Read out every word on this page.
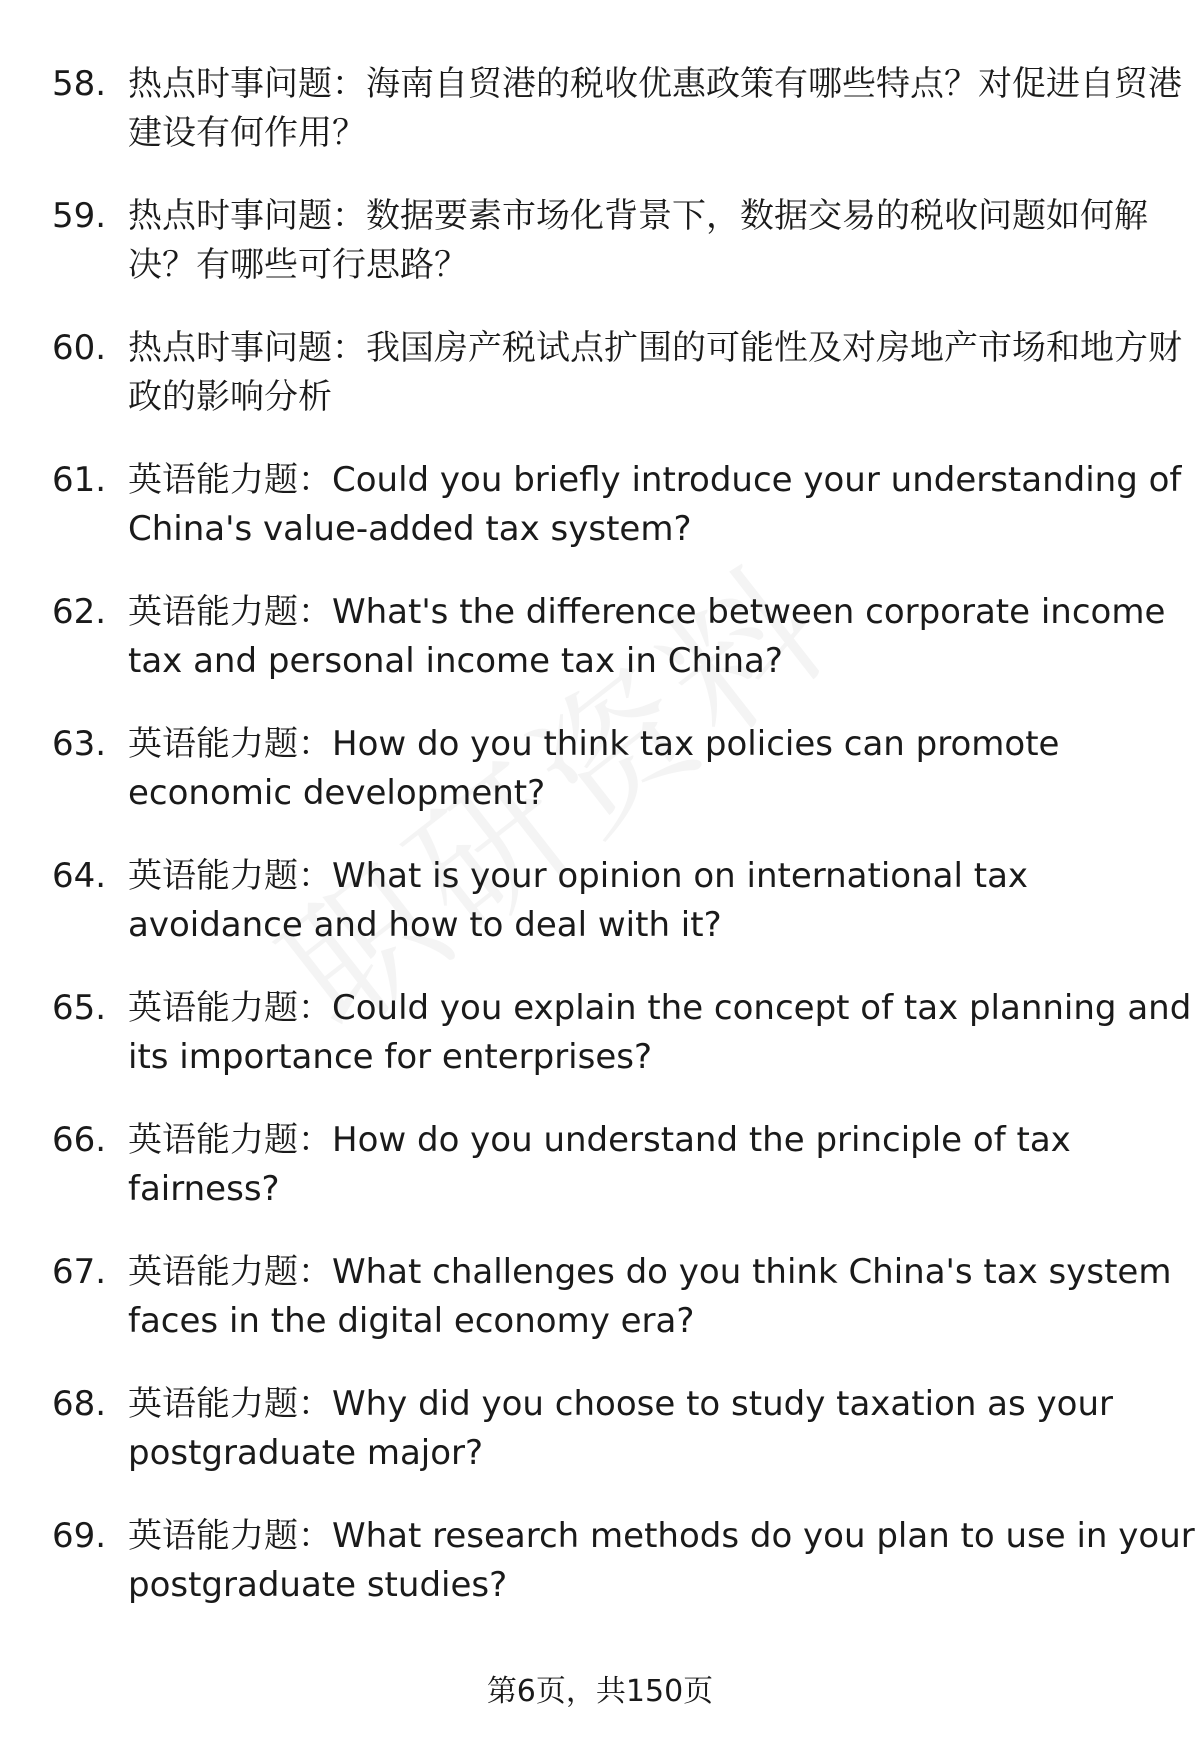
58. 热点时事问题：海南自贸港的税收优惠政策有哪些特点？对促进自贸港建设有何作用？
59. 热点时事问题：数据要素市场化背景下，数据交易的税收问题如何解决？有哪些可行思路？
60. 热点时事问题：我国房产税试点扩围的可能性及对房地产市场和地方财政的影响分析
61. 英语能力题：Could you briefly introduce your understanding of China's value-added tax system?
62. 英语能力题：What's the difference between corporate income tax and personal income tax in China?
63. 英语能力题：How do you think tax policies can promote economic development?
64. 英语能力题：What is your opinion on international tax avoidance and how to deal with it?
65. 英语能力题：Could you explain the concept of tax planning and its importance for enterprises?
66. 英语能力题：How do you understand the principle of tax fairness?
67. 英语能力题：What challenges do you think China's tax system faces in the digital economy era?
68. 英语能力题：Why did you choose to study taxation as your postgraduate major?
69. 英语能力题：What research methods do you plan to use in your postgraduate studies?
第6页，共150页
